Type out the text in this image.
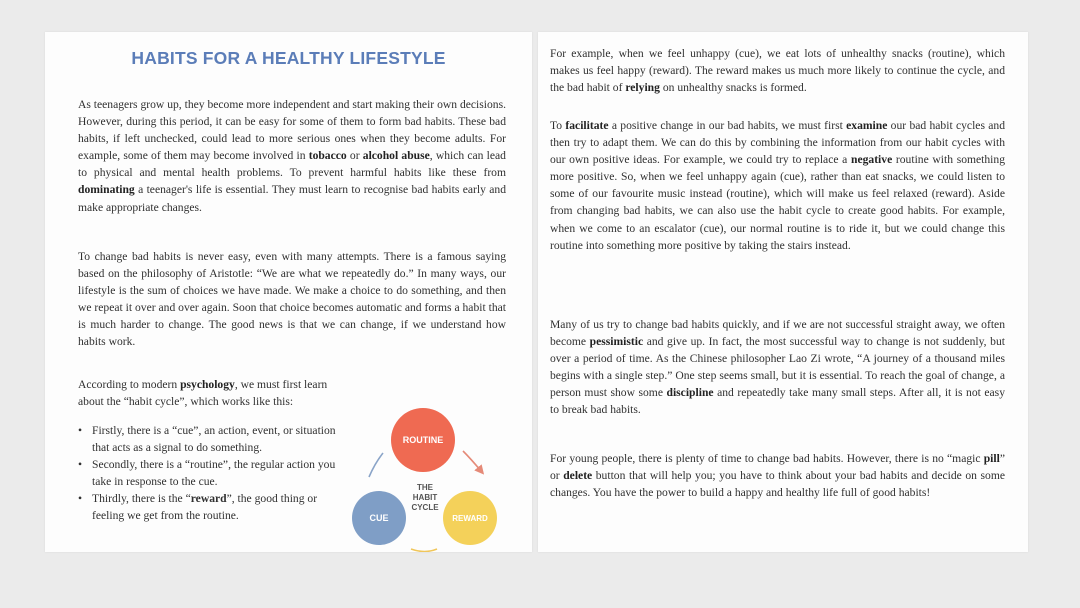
HABITS FOR A HEALTHY LIFESTYLE

As teenagers grow up, they become more independent and start making their own decisions. However, during this period, it can be easy for some of them to form bad habits. These bad habits, if left unchecked, could lead to more serious ones when they become adults. For example, some of them may become involved in tobacco or alcohol abuse, which can lead to physical and mental health problems. To prevent harmful habits like these from dominating a teenager's life is essential. They must learn to recognise bad habits early and make appropriate changes.

To change bad habits is never easy, even with many attempts. There is a famous saying based on the philosophy of Aristotle: “We are what we repeatedly do.” In many ways, our lifestyle is the sum of choices we have made. We make a choice to do something, and then we repeat it over and over again. Soon that choice becomes automatic and forms a habit that is much harder to change. The good news is that we can change, if we understand how habits work.

According to modern psychology, we must first learn about the “habit cycle”, which works like this:

• Firstly, there is a “cue”, an action, event, or situation that acts as a signal to do something.
• Secondly, there is a “routine”, the regular action you take in response to the cue.
• Thirdly, there is the “reward”, the good thing or feeling we get from the routine.
ROUTINE
REWARD
CUE
THE
HABIT
CYCLE

For example, when we feel unhappy (cue), we eat lots of unhealthy snacks (routine), which makes us feel happy (reward). The reward makes us much more likely to continue the cycle, and the bad habit of relying on unhealthy snacks is formed.

To facilitate a positive change in our bad habits, we must first examine our bad habit cycles and then try to adapt them. We can do this by combining the information from our habit cycles with our own positive ideas. For example, we could try to replace a negative routine with something more positive. So, when we feel unhappy again (cue), rather than eat snacks, we could listen to some of our favourite music instead (routine), which will make us feel relaxed (reward). Aside from changing bad habits, we can also use the habit cycle to create good habits. For example, when we come to an escalator (cue), our normal routine is to ride it, but we could change this routine into something more positive by taking the stairs instead.

Many of us try to change bad habits quickly, and if we are not successful straight away, we often become pessimistic and give up. In fact, the most successful way to change is not suddenly, but over a period of time. As the Chinese philosopher Lao Zi wrote, “A journey of a thousand miles begins with a single step.” One step seems small, but it is essential. To reach the goal of change, a person must show some discipline and repeatedly take many small steps. After all, it is not easy to break bad habits.

For young people, there is plenty of time to change bad habits. However, there is no “magic pill” or delete button that will help you; you have to think about your bad habits and decide on some changes. You have the power to build a happy and healthy life full of good habits!
